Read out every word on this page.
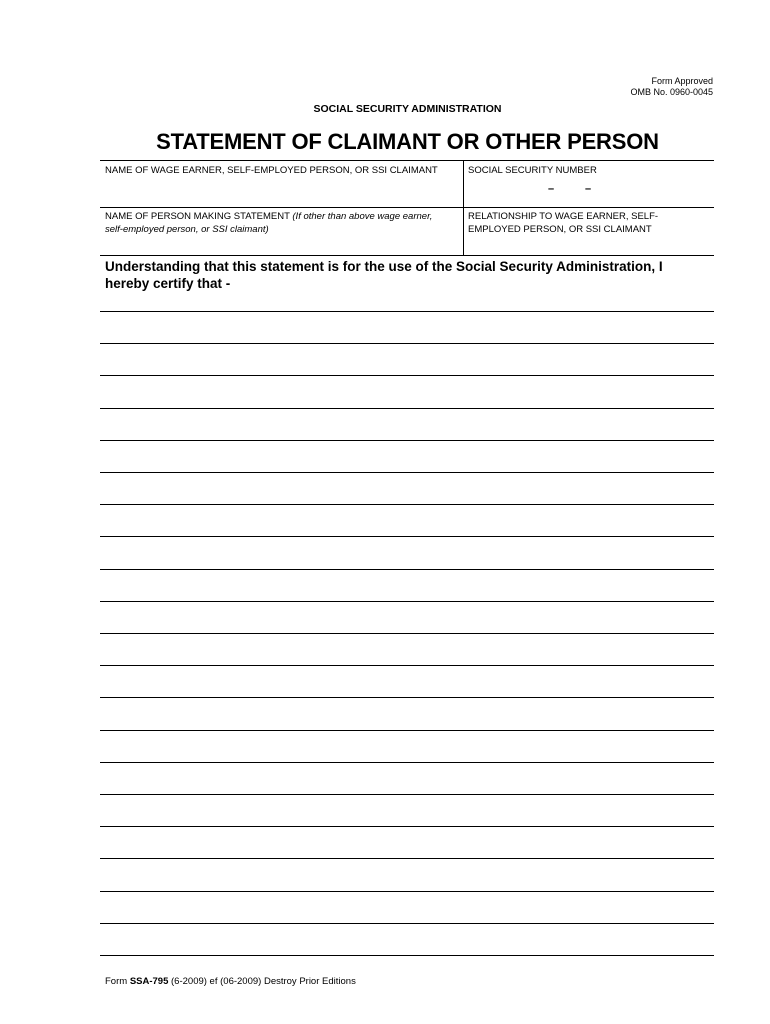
Form Approved
OMB No. 0960-0045
SOCIAL SECURITY ADMINISTRATION
STATEMENT OF CLAIMANT OR OTHER PERSON
NAME OF WAGE EARNER, SELF-EMPLOYED PERSON, OR SSI CLAIMANT	SOCIAL SECURITY NUMBER
–	–
NAME OF PERSON MAKING STATEMENT (If other than above wage earner,
self-employed person, or SSI claimant)
RELATIONSHIP TO WAGE EARNER, SELF-
EMPLOYED PERSON, OR SSI CLAIMANT
Understanding that this statement is for the use of the Social Security Administration, I hereby certify that -
Form SSA-795 (6-2009) ef (06-2009) Destroy Prior Editions
